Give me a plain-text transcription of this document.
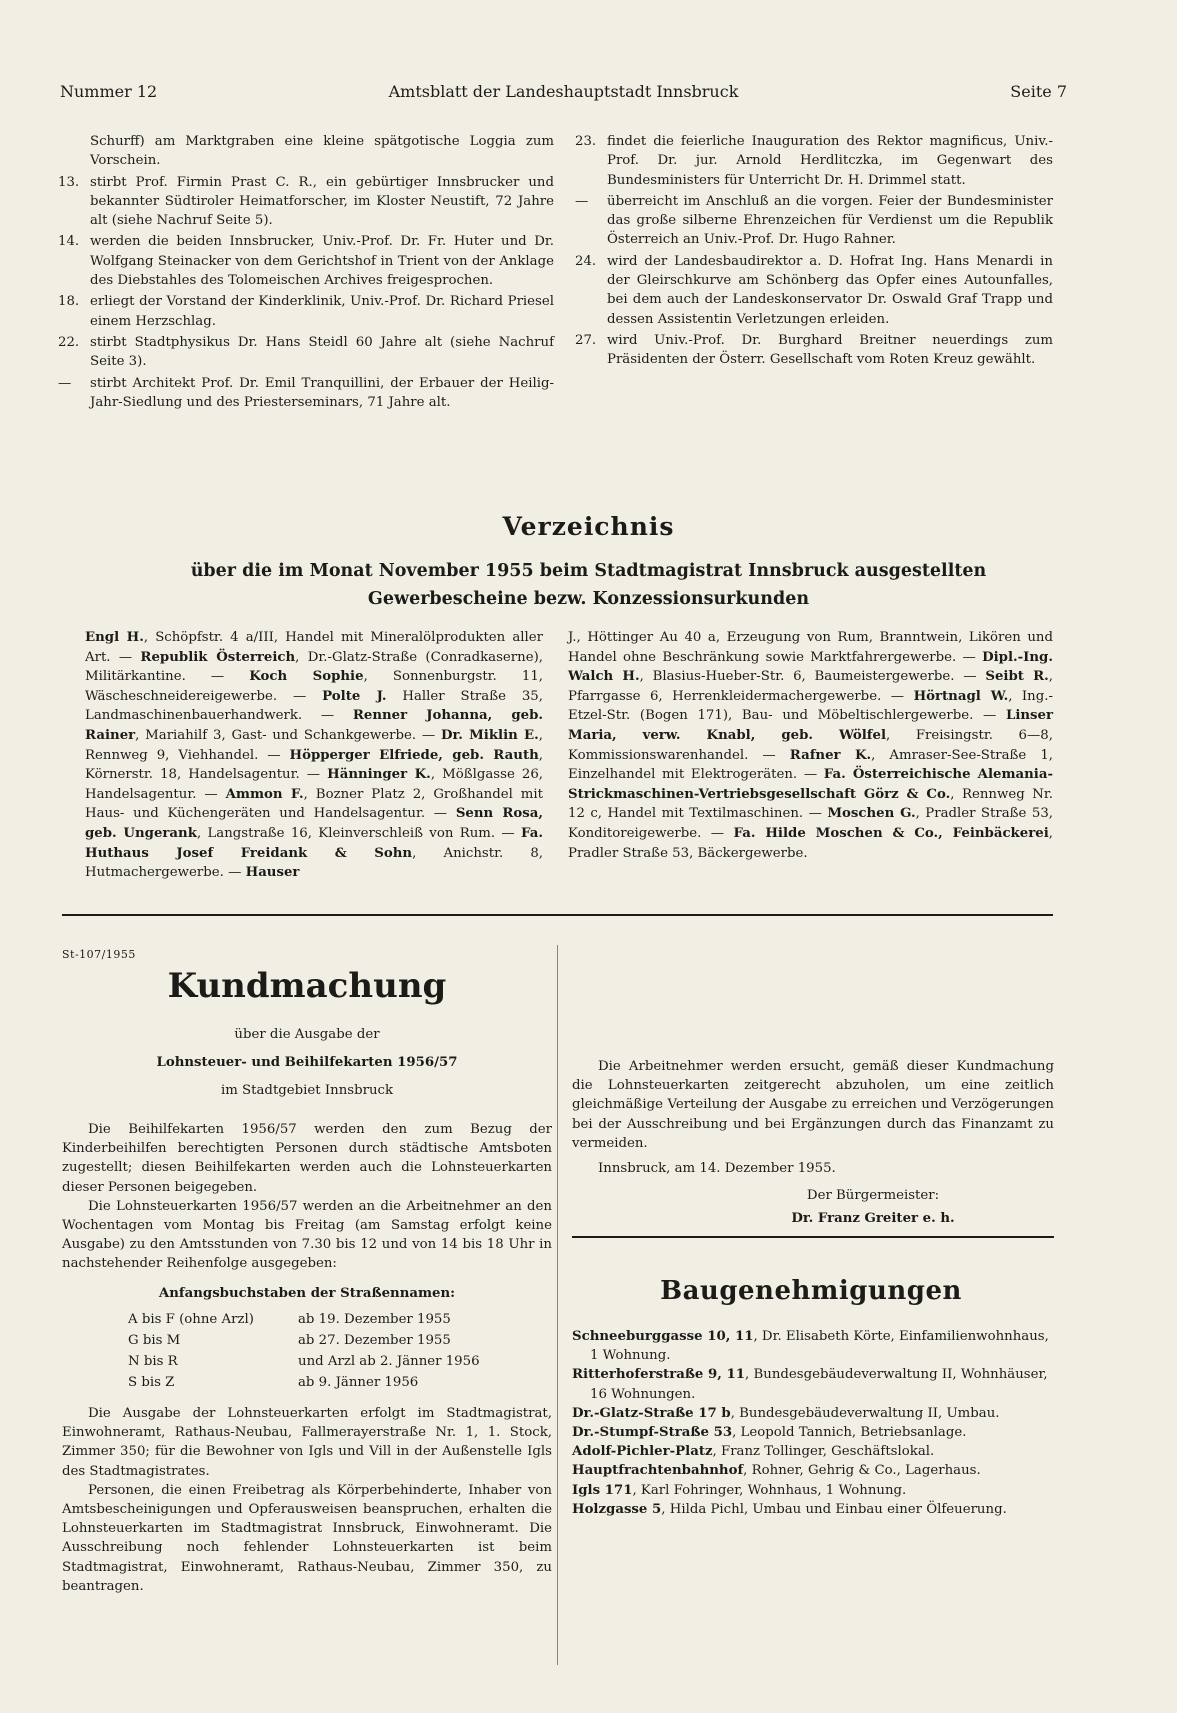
Nummer 12	Amtsblatt der Landeshauptstadt Innsbruck	Seite 7
Schurff) am Marktgraben eine kleine spätgotische Loggia zum Vorschein.
13. stirbt Prof. Firmin Prast C. R., ein gebürtiger Innsbrucker und bekannter Südtiroler Heimatforscher, im Kloster Neustift, 72 Jahre alt (siehe Nachruf Seite 5).
14. werden die beiden Innsbrucker, Univ.-Prof. Dr. Fr. Huter und Dr. Wolfgang Steinacker von dem Gerichtshof in Trient von der Anklage des Diebstahles des Tolomeischen Archives freigesprochen.
18. erliegt der Vorstand der Kinderklinik, Univ.-Prof. Dr. Richard Priesel einem Herzschlag.
22. stirbt Stadtphysikus Dr. Hans Steidl 60 Jahre alt (siehe Nachruf Seite 3).
— stirbt Architekt Prof. Dr. Emil Tranquillini, der Erbauer der Heilig-Jahr-Siedlung und des Priesterseminars, 71 Jahre alt.
23. findet die feierliche Inauguration des Rektor magnificus, Univ.-Prof. Dr. jur. Arnold Herdlitczka, im Gegenwart des Bundesministers für Unterricht Dr. H. Drimmel statt.
— überreicht im Anschluß an die vorgen. Feier der Bundesminister das große silberne Ehrenzeichen für Verdienst um die Republik Österreich an Univ.-Prof. Dr. Hugo Rahner.
24. wird der Landesbaudirektor a. D. Hofrat Ing. Hans Menardi in der Gleirschkurve am Schönberg das Opfer eines Autounfalles, bei dem auch der Landeskonservator Dr. Oswald Graf Trapp und dessen Assistentin Verletzungen erleiden.
27. wird Univ.-Prof. Dr. Burghard Breitner neuerdings zum Präsidenten der Österr. Gesellschaft vom Roten Kreuz gewählt.
Verzeichnis
über die im Monat November 1955 beim Stadtmagistrat Innsbruck ausgestellten
Gewerbescheine bezw. Konzessionsurkunden
Engl H., Schöpfstr. 4 a/III, Handel mit Mineralölprodukten aller Art. — Republik Österreich, Dr.-Glatz-Straße (Conradkaserne), Militärkantine. — Koch Sophie, Sonnenburgstr. 11, Wäscheschneidereigewerbe. — Polte J. Haller Straße 35, Landmaschinenbauerhandwerk. — Renner Johanna, geb. Rainer, Mariahilf 3, Gast- und Schankgewerbe. — Dr. Miklin E., Rennweg 9, Viehhandel. — Höpperger Elfriede, geb. Rauth, Körnerstr. 18, Handelsagentur. — Hänninger K., Mößlgasse 26, Handelsagentur. — Ammon F., Bozner Platz 2, Großhandel mit Haus- und Küchengeräten und Handelsagentur. — Senn Rosa, geb. Ungerank, Langstraße 16, Kleinverschleiß von Rum. — Fa. Huthaus Josef Freidank & Sohn, Anichstr. 8, Hutmachergewerbe. — Hauser
J., Höttinger Au 40 a, Erzeugung von Rum, Branntwein, Likören und Handel ohne Beschränkung sowie Marktfahrergewerbe. — Dipl.-Ing. Walch H., Blasius-Hueber-Str. 6, Baumeistergewerbe. — Seibt R., Pfarrgasse 6, Herrenkleidermachergewerbe. — Hörtnagl W., Ing.-Etzel-Str. (Bogen 171), Bau- und Möbeltischlergewerbe. — Linser Maria, verw. Knabl, geb. Wölfel, Freisingstr. 6—8, Kommissionswarenhandel. — Rafner K., Amraser-See-Straße 1, Einzelhandel mit Elektrogeräten. — Fa. Österreichische Alemania-Strickmaschinen-Vertriebsgesellschaft Görz & Co., Rennweg Nr. 12 c, Handel mit Textilmaschinen. — Moschen G., Pradler Straße 53, Konditoreigewerbe. — Fa. Hilde Moschen & Co., Feinbäckerei, Pradler Straße 53, Bäckergewerbe.
St-107/1955
Kundmachung
über die Ausgabe der
Lohnsteuer- und Beihilfekarten 1956/57
im Stadtgebiet Innsbruck

Die Beihilfekarten 1956/57 werden den zum Bezug der Kinderbeihilfen berechtigten Personen durch städtische Amtsboten zugestellt; diesen Beihilfekarten werden auch die Lohnsteuerkarten dieser Personen beigegeben.

Die Lohnsteuerkarten 1956/57 werden an die Arbeitnehmer an den Wochentagen vom Montag bis Freitag (am Samstag erfolgt keine Ausgabe) zu den Amtsstunden von 7.30 bis 12 und von 14 bis 18 Uhr in nachstehender Reihenfolge ausgegeben:

Anfangsbuchstaben der Straßennamen:
A bis F (ohne Arzl)	ab 19. Dezember 1955
G bis M	ab 27. Dezember 1955
N bis R	und Arzl ab 2. Jänner 1956
S bis Z	ab 9. Jänner 1956

Die Ausgabe der Lohnsteuerkarten erfolgt im Stadtmagistrat, Einwohneramt, Rathaus-Neubau, Fallmerayerstraße Nr. 1, 1. Stock, Zimmer 350; für die Bewohner von Igls und Vill in der Außenstelle Igls des Stadtmagistrates.

Personen, die einen Freibetrag als Körperbehinderte, Inhaber von Amtsbescheinigungen und Opferausweisen beanspruchen, erhalten die Lohnsteuerkarten im Stadtmagistrat Innsbruck, Einwohneramt. Die Ausschreibung noch fehlender Lohnsteuerkarten ist beim Stadtmagistrat, Einwohneramt, Rathaus-Neubau, Zimmer 350, zu beantragen.

Die Arbeitnehmer werden ersucht, gemäß dieser Kundmachung die Lohnsteuerkarten zeitgerecht abzuholen, um eine zeitlich gleichmäßige Verteilung der Ausgabe zu erreichen und Verzögerungen bei der Ausschreibung und bei Ergänzungen durch das Finanzamt zu vermeiden.

Innsbruck, am 14. Dezember 1955.

Der Bürgermeister:

Dr. Franz Greiter e. h.

Baugenehmigungen

Schneeburggasse 10, 11, Dr. Elisabeth Körte, Einfamilienwohnhaus, 1 Wohnung.

Ritterhoferstraße 9, 11, Bundesgebäudeverwaltung II, Wohnhäuser, 16 Wohnungen.

Dr.-Glatz-Straße 17 b, Bundesgebäudeverwaltung II, Umbau.

Dr.-Stumpf-Straße 53, Leopold Tannich, Betriebsanlage.

Adolf-Pichler-Platz, Franz Tollinger, Geschäftslokal.

Hauptfrachtenbahnhof, Rohner, Gehrig & Co., Lagerhaus.

Igls 171, Karl Fohringer, Wohnhaus, 1 Wohnung.

Holzgasse 5, Hilda Pichl, Umbau und Einbau einer Ölfeuerung.
